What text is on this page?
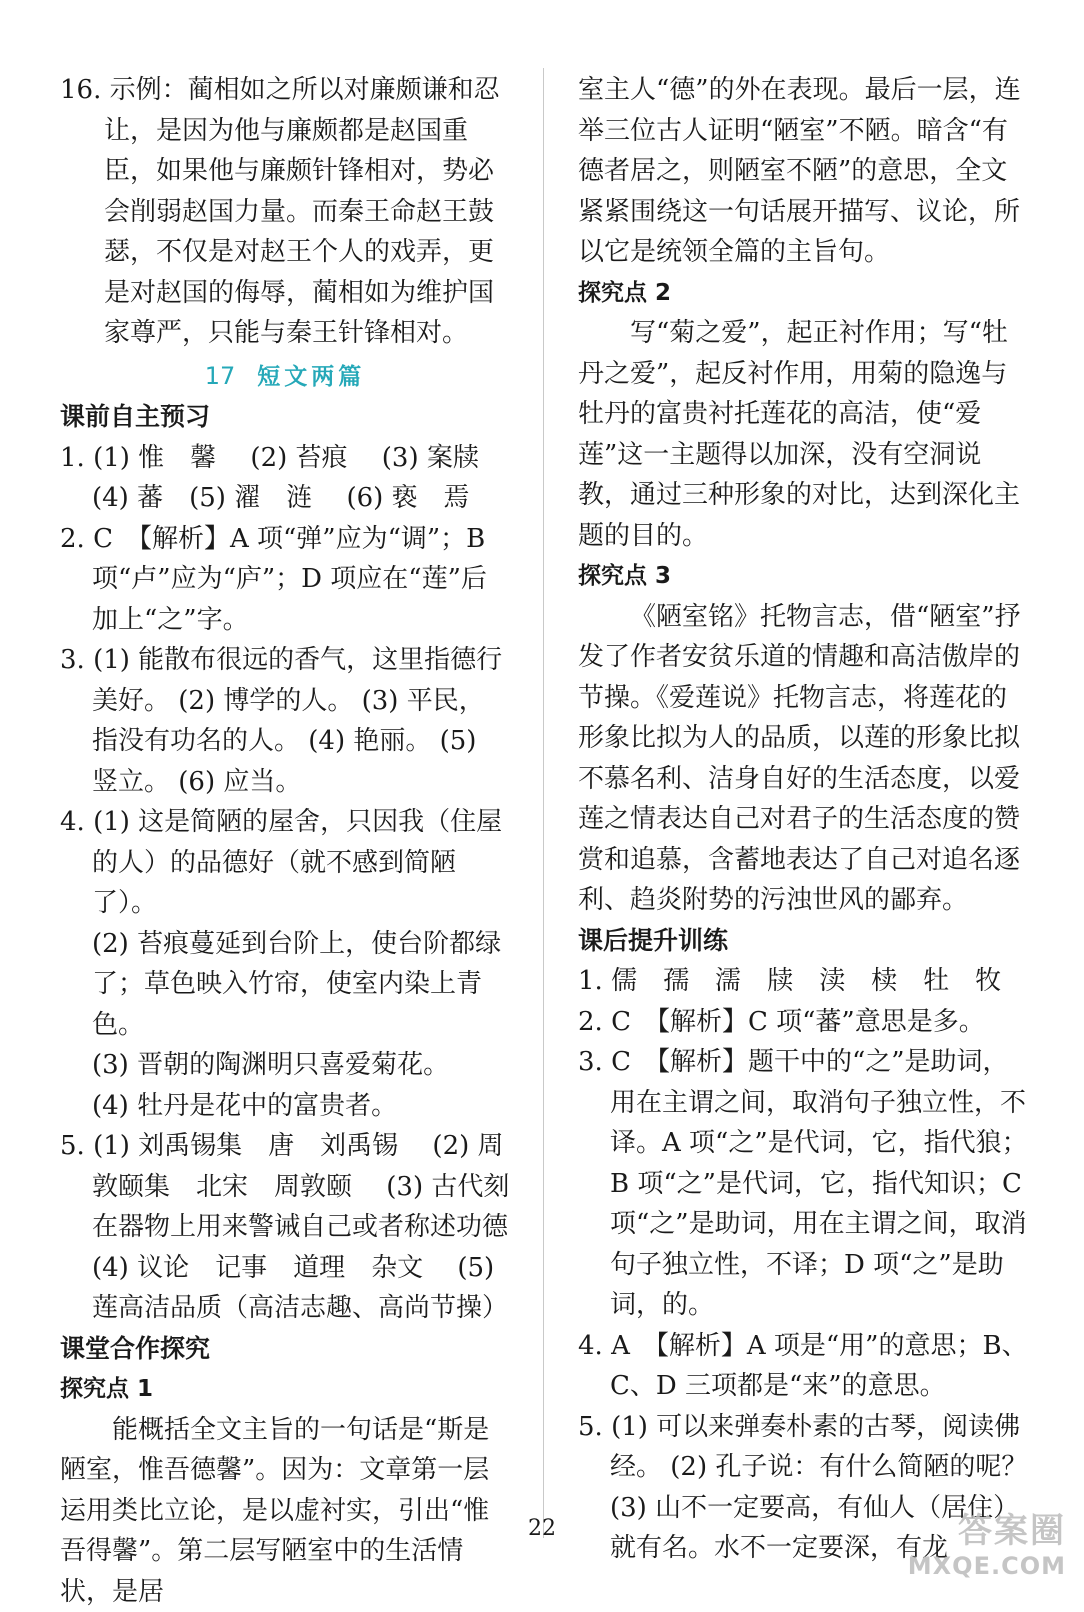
16. 示例：蔺相如之所以对廉颇谦和忍让，是因为他与廉颇都是赵国重臣，如果他与廉颇针锋相对，势必会削弱赵国力量。而秦王命赵王鼓瑟，不仅是对赵王个人的戏弄，更是对赵国的侮辱，蔺相如为维护国家尊严，只能与秦王针锋相对。

17 短文两篇

课前自主预习

1. (1) 惟　馨　 (2) 苔痕　 (3) 案牍

(4) 蕃　(5) 濯　涟　 (6) 亵　焉

2. C　【解析】A 项“弹”应为“调”；B 项“卢”应为“庐”；D 项应在“莲”后加上“之”字。

3. (1) 能散布很远的香气，这里指德行美好。 (2) 博学的人。 (3) 平民，指没有功名的人。 (4) 艳丽。 (5) 竖立。 (6) 应当。

4. (1) 这是简陋的屋舍，只因我（住屋的人）的品德好（就不感到简陋了）。

(2) 苔痕蔓延到台阶上，使台阶都绿了；草色映入竹帘，使室内染上青色。

(3) 晋朝的陶渊明只喜爱菊花。

(4) 牡丹是花中的富贵者。

5. (1) 刘禹锡集　唐　刘禹锡　 (2) 周敦颐集　北宋　周敦颐　 (3) 古代刻在器物上用来警诫自己或者称述功德

(4) 议论　记事　道理　杂文　 (5) 莲高洁品质（高洁志趣、高尚节操）

课堂合作探究

探究点 1

能概括全文主旨的一句话是“斯是陋室，惟吾德馨”。因为：文章第一层运用类比立论，是以虚衬实，引出“惟吾得馨”。第二层写陋室中的生活情状，是居

室主人“德”的外在表现。最后一层，连举三位古人证明“陋室”不陋。暗含“有德者居之，则陋室不陋”的意思，全文紧紧围绕这一句话展开描写、议论，所以它是统领全篇的主旨句。

探究点 2

写“菊之爱”，起正衬作用；写“牡丹之爱”，起反衬作用，用菊的隐逸与牡丹的富贵衬托莲花的高洁，使“爱莲”这一主题得以加深，没有空洞说教，通过三种形象的对比，达到深化主题的目的。

探究点 3

《陋室铭》托物言志，借“陋室”抒发了作者安贫乐道的情趣和高洁傲岸的节操。《爱莲说》托物言志，将莲花的形象比拟为人的品质，以莲的形象比拟不慕名利、洁身自好的生活态度，以爱莲之情表达自己对君子的生活态度的赞赏和追慕，含蓄地表达了自己对追名逐利、趋炎附势的污浊世风的鄙弃。

课后提升训练

1. 儒　孺　濡　牍　渎　椟　牡　牧

2. C　【解析】C 项“蕃”意思是多。

3. C　【解析】题干中的“之”是助词，用在主谓之间，取消句子独立性，不译。A 项“之”是代词，它，指代狼；B 项“之”是代词，它，指代知识；C 项“之”是助词，用在主谓之间，取消句子独立性，不译；D 项“之”是助词，的。

4. A　【解析】A 项是“用”的意思；B、C、D 三项都是“来”的意思。

5. (1) 可以来弹奏朴素的古琴，阅读佛经。 (2) 孔子说：有什么简陋的呢？ (3) 山不一定要高，有仙人（居住）就有名。水不一定要深，有龙

22	答案圈
MXQE.COM
